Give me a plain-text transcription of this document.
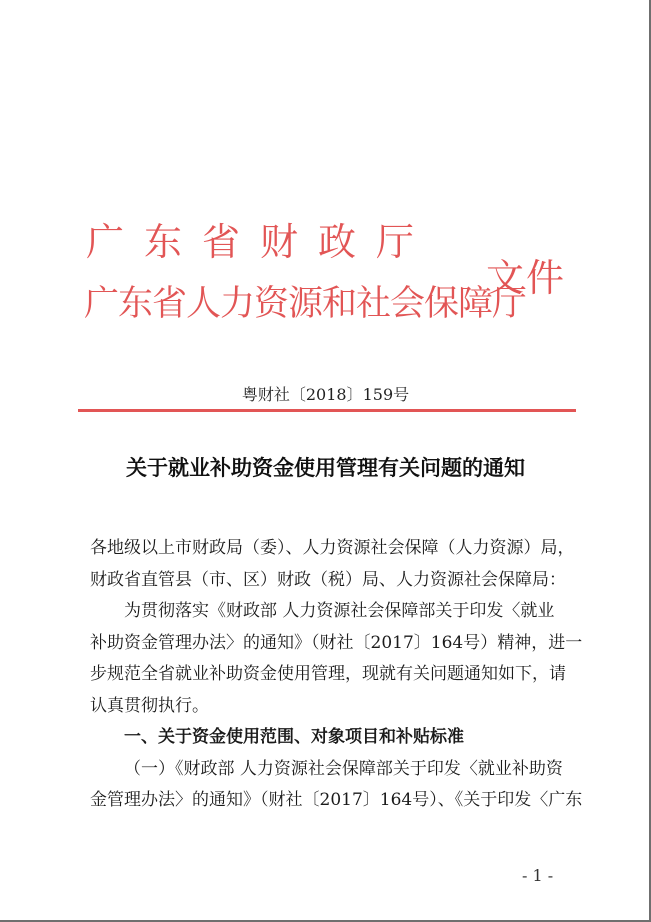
广东省财政厅
广东省人力资源和社会保障厅
文件
粤财社〔2018〕159号
关于就业补助资金使用管理有关问题的通知

各地级以上市财政局（委）、人力资源社会保障（人力资源）局，

财政省直管县（市、区）财政（税）局、人力资源社会保障局：

为贯彻落实《财政部 人力资源社会保障部关于印发〈就业

补助资金管理办法〉的通知》（财社〔2017〕164号）精神，进一

步规范全省就业补助资金使用管理，现就有关问题通知如下，请

认真贯彻执行。

一、关于资金使用范围、对象项目和补贴标准

（一）《财政部 人力资源社会保障部关于印发〈就业补助资

金管理办法〉的通知》（财社〔2017〕164号）、《关于印发〈广东

- 1 -
